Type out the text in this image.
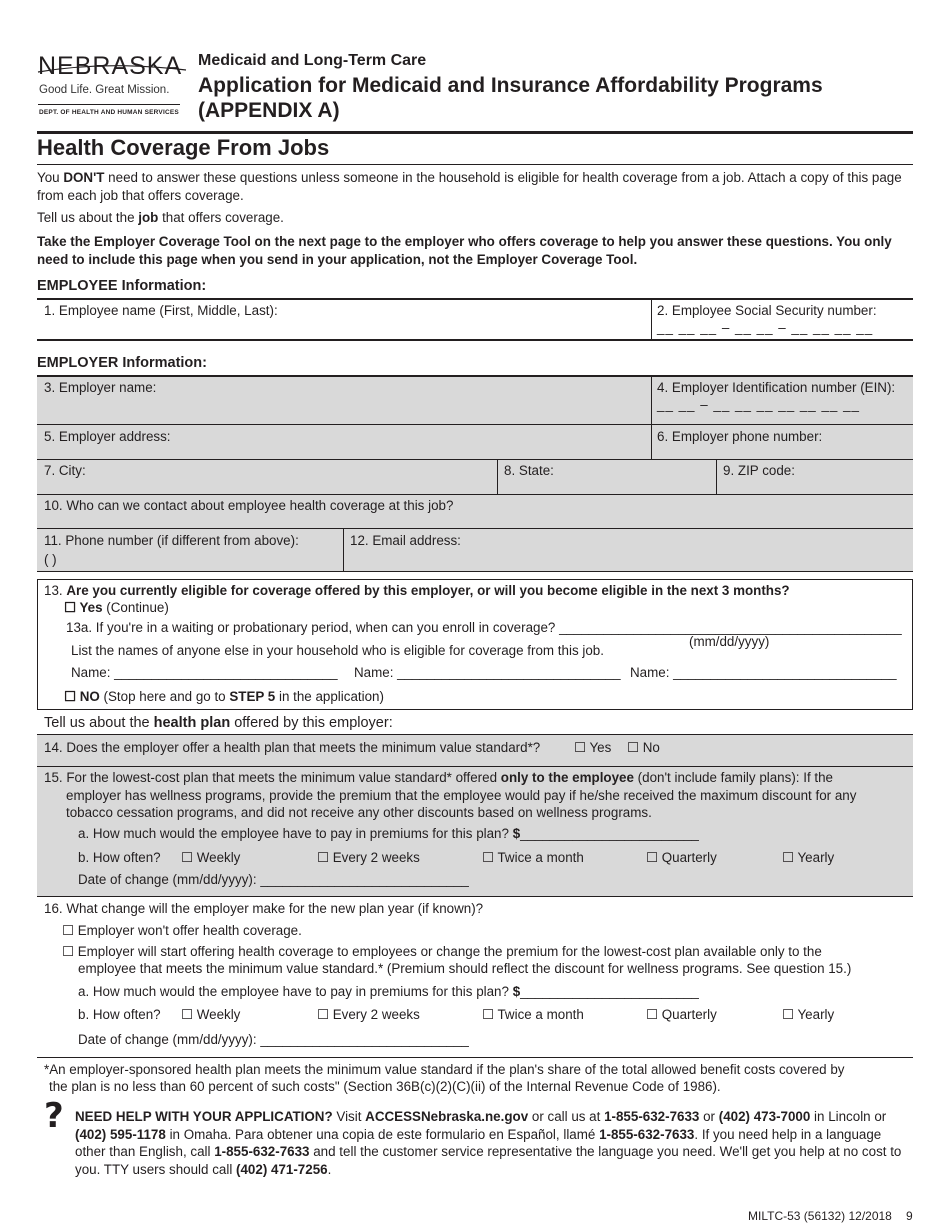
NEBRASKA
Good Life. Great Mission.
DEPT. OF HEALTH AND HUMAN SERVICES
Medicaid and Long-Term Care
Application for Medicaid and Insurance Affordability Programs (APPENDIX A)
Health Coverage From Jobs
You DON'T need to answer these questions unless someone in the household is eligible for health coverage from a job. Attach a copy of this page from each job that offers coverage.
Tell us about the job that offers coverage.
Take the Employer Coverage Tool on the next page to the employer who offers coverage to help you answer these questions. You only need to include this page when you send in your application, not the Employer Coverage Tool.
EMPLOYEE Information:
1. Employee name (First, Middle, Last):	2. Employee Social Security number:
__ __ __ – __ __ – __ __ __ __
EMPLOYER Information:
3. Employer name:	4. Employer Identification number (EIN):
__ __ – __ __ __ __ __ __ __
5. Employer address:	6. Employer phone number:
7. City:	8. State:	9. ZIP code:
10. Who can we contact about employee health coverage at this job?
11. Phone number (if different from above):
( )
12. Email address:
13. Are you currently eligible for coverage offered by this employer, or will you become eligible in the next 3 months?
☐ Yes (Continue)
13a. If you're in a waiting or probationary period, when can you enroll in coverage? ______________________________________________
(mm/dd/yyyy)
List the names of anyone else in your household who is eligible for coverage from this job.
Name: ______________________________ Name: ______________________________ Name: ______________________________
☐ NO (Stop here and go to STEP 5 in the application)
Tell us about the health plan offered by this employer:
14. Does the employer offer a health plan that meets the minimum value standard*?	☐ Yes ☐ No
15. For the lowest-cost plan that meets the minimum value standard* offered only to the employee (don't include family plans): If the
employer has wellness programs, provide the premium that the employee would pay if he/she received the maximum discount for any
tobacco cessation programs, and did not receive any other discounts based on wellness programs.
a. How much would the employee have to pay in premiums for this plan? $________________________
b. How often? ☐ Weekly	☐ Every 2 weeks	☐ Twice a month	☐ Quarterly	☐ Yearly
Date of change (mm/dd/yyyy): ____________________________
16. What change will the employer make for the new plan year (if known)?
☐ Employer won't offer health coverage.
☐ Employer will start offering health coverage to employees or change the premium for the lowest-cost plan available only to the
employee that meets the minimum value standard.* (Premium should reflect the discount for wellness programs. See question 15.)
a. How much would the employee have to pay in premiums for this plan? $________________________
b. How often? ☐ Weekly	☐ Every 2 weeks	☐ Twice a month	☐ Quarterly	☐ Yearly
Date of change (mm/dd/yyyy): ____________________________
*An employer-sponsored health plan meets the minimum value standard if the plan's share of the total allowed benefit costs covered by
the plan is no less than 60 percent of such costs" (Section 36B(c)(2)(C)(ii) of the Internal Revenue Code of 1986).
? NEED HELP WITH YOUR APPLICATION? Visit ACCESSNebraska.ne.gov or call us at 1-855-632-7633 or (402) 473-7000 in Lincoln or (402) 595-1178 in Omaha. Para obtener una copia de este formulario en Español, llamé 1-855-632-7633. If you need help in a language other than English, call 1-855-632-7633 and tell the customer service representative the language you need. We'll get you help at no cost to you. TTY users should call (402) 471-7256.
MILTC-53 (56132) 12/2018 9
